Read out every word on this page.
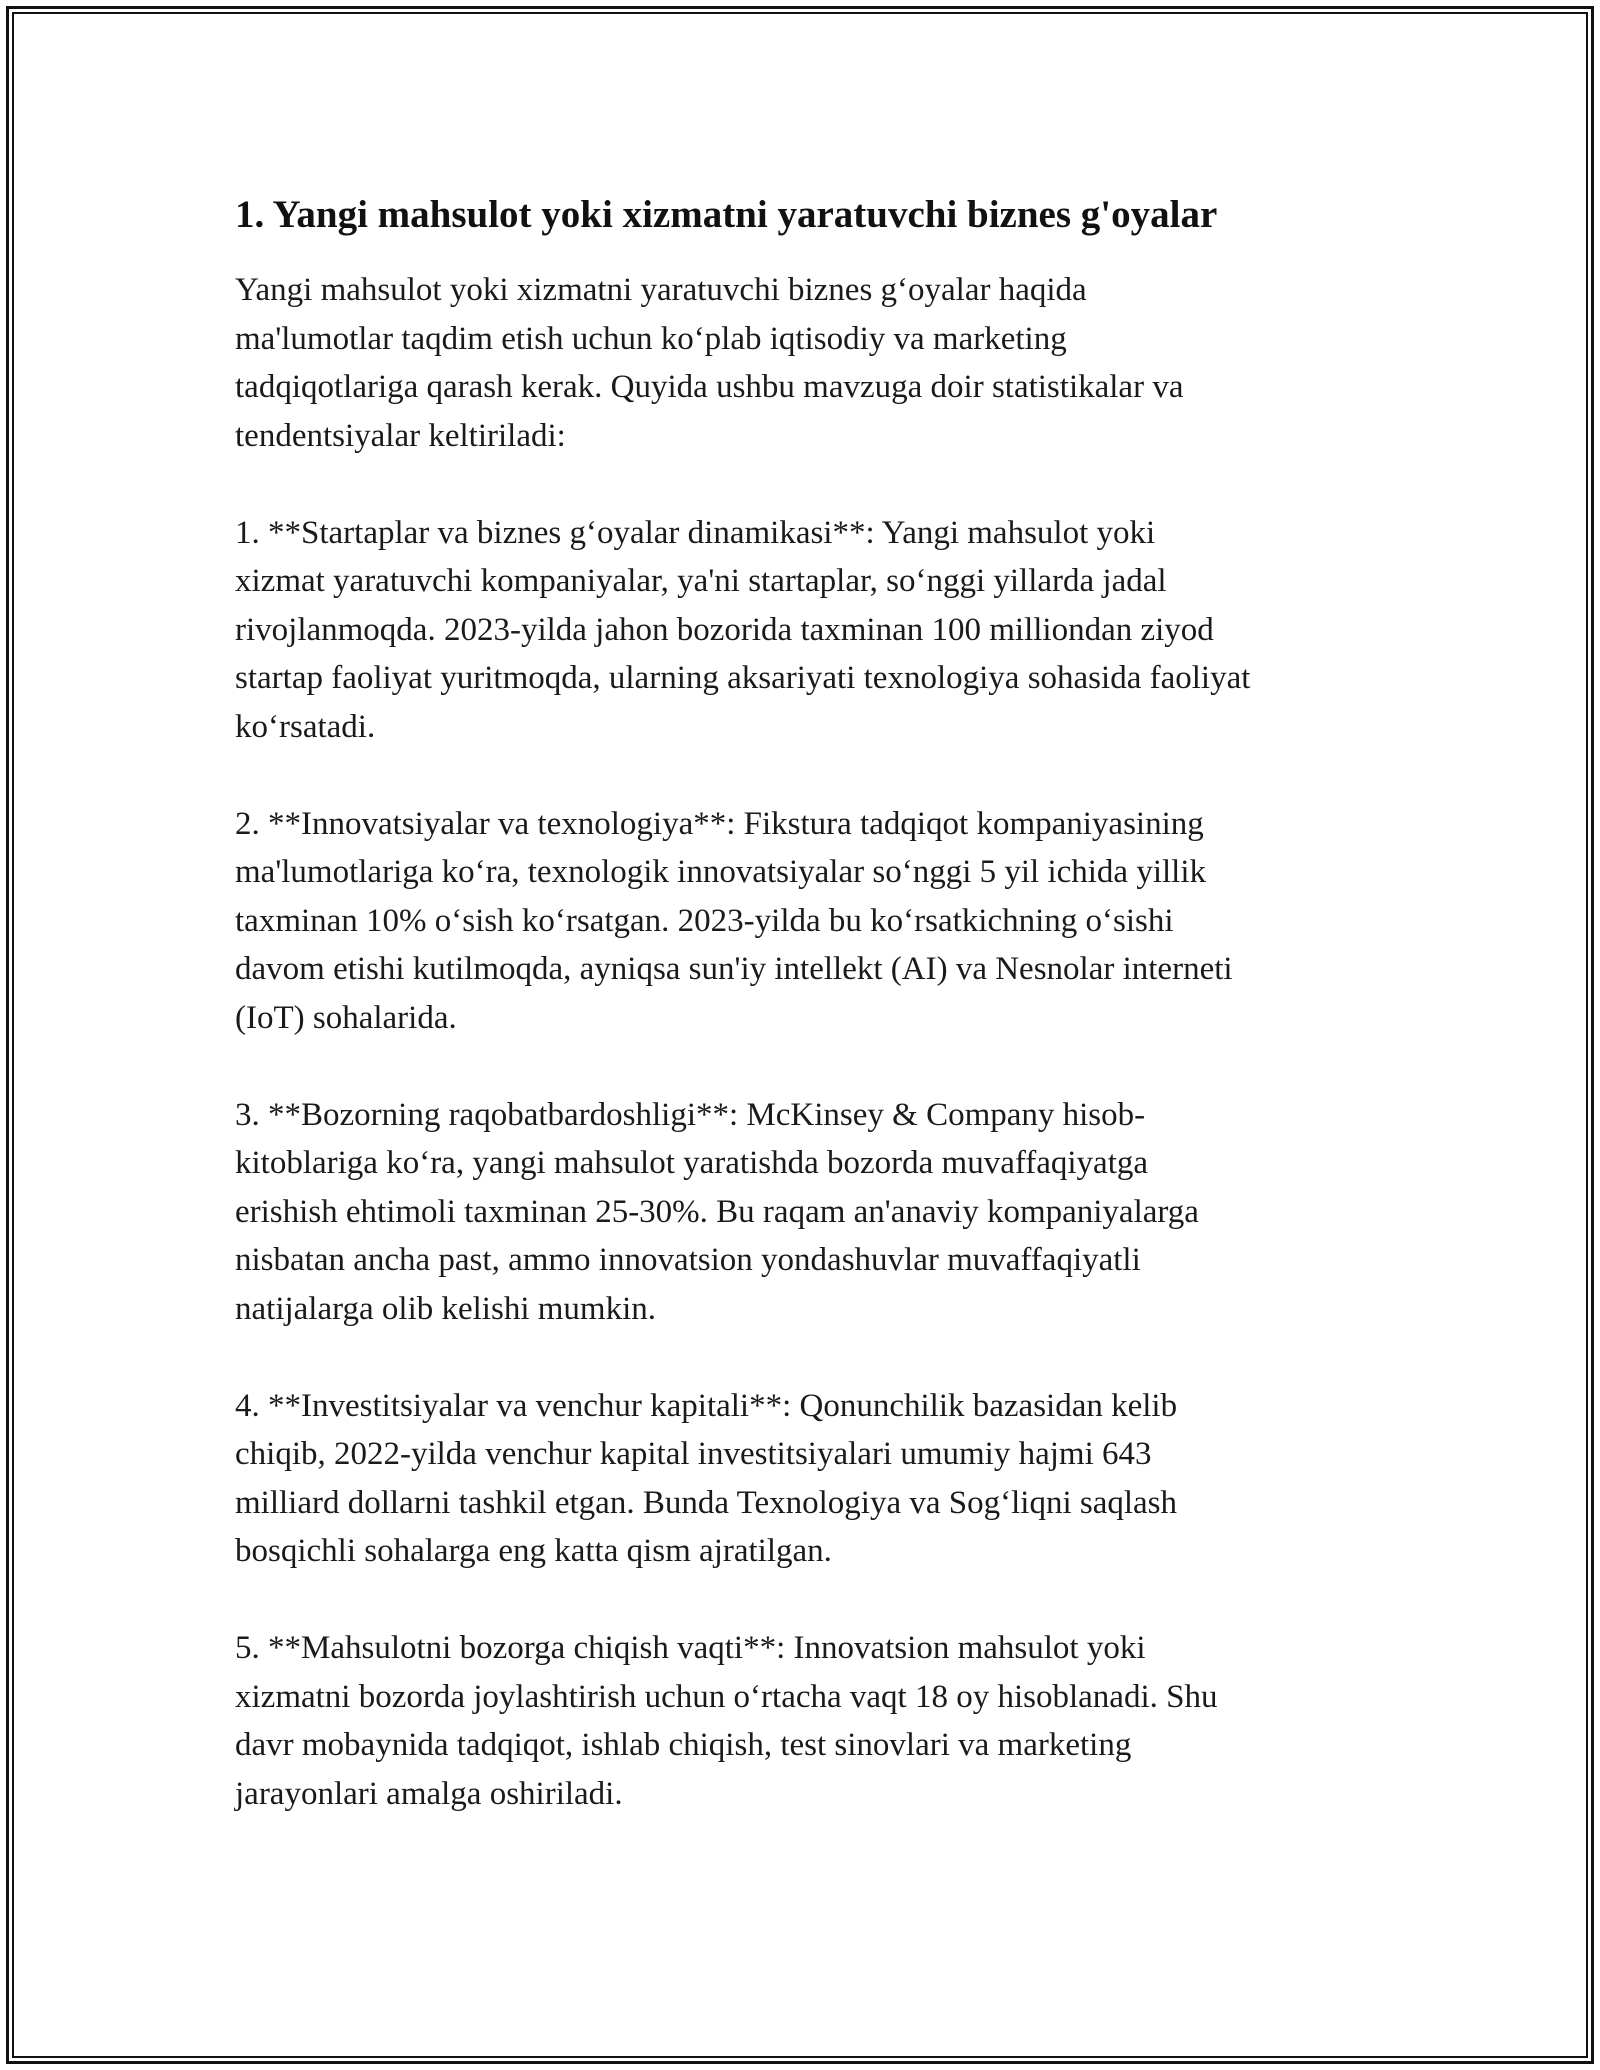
1. Yangi mahsulot yoki xizmatni yaratuvchi biznes g'oyalar

Yangi mahsulot yoki xizmatni yaratuvchi biznes gʻoyalar haqida
ma'lumotlar taqdim etish uchun koʻplab iqtisodiy va marketing
tadqiqotlariga qarash kerak. Quyida ushbu mavzuga doir statistikalar va
tendentsiyalar keltiriladi:

1. **Startaplar va biznes gʻoyalar dinamikasi**: Yangi mahsulot yoki
xizmat yaratuvchi kompaniyalar, ya'ni startaplar, soʻnggi yillarda jadal
rivojlanmoqda. 2023-yilda jahon bozorida taxminan 100 milliondan ziyod
startap faoliyat yuritmoqda, ularning aksariyati texnologiya sohasida faoliyat
koʻrsatadi.

2. **Innovatsiyalar va texnologiya**: Fikstura tadqiqot kompaniyasining
ma'lumotlariga koʻra, texnologik innovatsiyalar soʻnggi 5 yil ichida yillik
taxminan 10% oʻsish koʻrsatgan. 2023-yilda bu koʻrsatkichning oʻsishi
davom etishi kutilmoqda, ayniqsa sun'iy intellekt (AI) va Nesnolar interneti
(IoT) sohalarida.

3. **Bozorning raqobatbardoshligi**: McKinsey & Company hisob-
kitoblariga koʻra, yangi mahsulot yaratishda bozorda muvaffaqiyatga
erishish ehtimoli taxminan 25-30%. Bu raqam an'anaviy kompaniyalarga
nisbatan ancha past, ammo innovatsion yondashuvlar muvaffaqiyatli
natijalarga olib kelishi mumkin.

4. **Investitsiyalar va venchur kapitali**: Qonunchilik bazasidan kelib
chiqib, 2022-yilda venchur kapital investitsiyalari umumiy hajmi 643
milliard dollarni tashkil etgan. Bunda Texnologiya va Sogʻliqni saqlash
bosqichli sohalarga eng katta qism ajratilgan.

5. **Mahsulotni bozorga chiqish vaqti**: Innovatsion mahsulot yoki
xizmatni bozorda joylashtirish uchun oʻrtacha vaqt 18 oy hisoblanadi. Shu
davr mobaynida tadqiqot, ishlab chiqish, test sinovlari va marketing
jarayonlari amalga oshiriladi.
